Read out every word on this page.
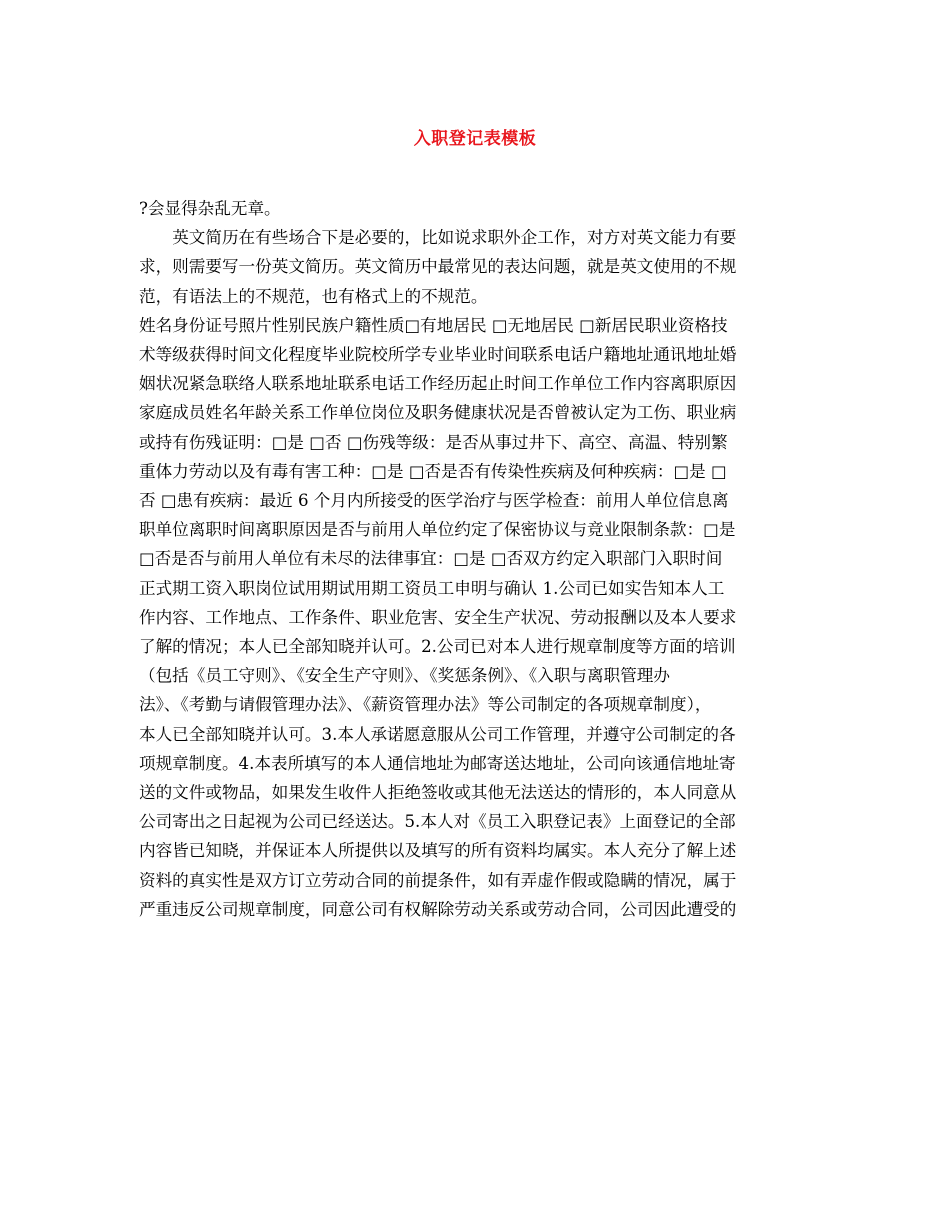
入职登记表模板
?会显得杂乱无章。
英文简历在有些场合下是必要的，比如说求职外企工作，对方对英文能力有要
求，则需要写一份英文简历。英文简历中最常见的表达问题，就是英文使用的不规
范，有语法上的不规范，也有格式上的不规范。
姓名身份证号照片性别民族户籍性质□有地居民 □无地居民 □新居民职业资格技
术等级获得时间文化程度毕业院校所学专业毕业时间联系电话户籍地址通讯地址婚
姻状况紧急联络人联系地址联系电话工作经历起止时间工作单位工作内容离职原因
家庭成员姓名年龄关系工作单位岗位及职务健康状况是否曾被认定为工伤、职业病
或持有伤残证明：□是 □否 □伤残等级：是否从事过井下、高空、高温、特别繁
重体力劳动以及有毒有害工种：□是 □否是否有传染性疾病及何种疾病：□是 □
否 □患有疾病：最近 6 个月内所接受的医学治疗与医学检查：前用人单位信息离
职单位离职时间离职原因是否与前用人单位约定了保密协议与竞业限制条款：□是
□否是否与前用人单位有未尽的法律事宜：□是 □否双方约定入职部门入职时间
正式期工资入职岗位试用期试用期工资员工申明与确认 1.公司已如实告知本人工
作内容、工作地点、工作条件、职业危害、安全生产状况、劳动报酬以及本人要求
了解的情况；本人已全部知晓并认可。2.公司已对本人进行规章制度等方面的培训
（包括《员工守则》、《安全生产守则》、《奖惩条例》、《入职与离职管理办
法》、《考勤与请假管理办法》、《薪资管理办法》等公司制定的各项规章制度），
本人已全部知晓并认可。3.本人承诺愿意服从公司工作管理，并遵守公司制定的各
项规章制度。4.本表所填写的本人通信地址为邮寄送达地址，公司向该通信地址寄
送的文件或物品，如果发生收件人拒绝签收或其他无法送达的情形的，本人同意从
公司寄出之日起视为公司已经送达。5.本人对《员工入职登记表》上面登记的全部
内容皆已知晓，并保证本人所提供以及填写的所有资料均属实。本人充分了解上述
资料的真实性是双方订立劳动合同的前提条件，如有弄虚作假或隐瞒的情况，属于
严重违反公司规章制度，同意公司有权解除劳动关系或劳动合同，公司因此遭受的
